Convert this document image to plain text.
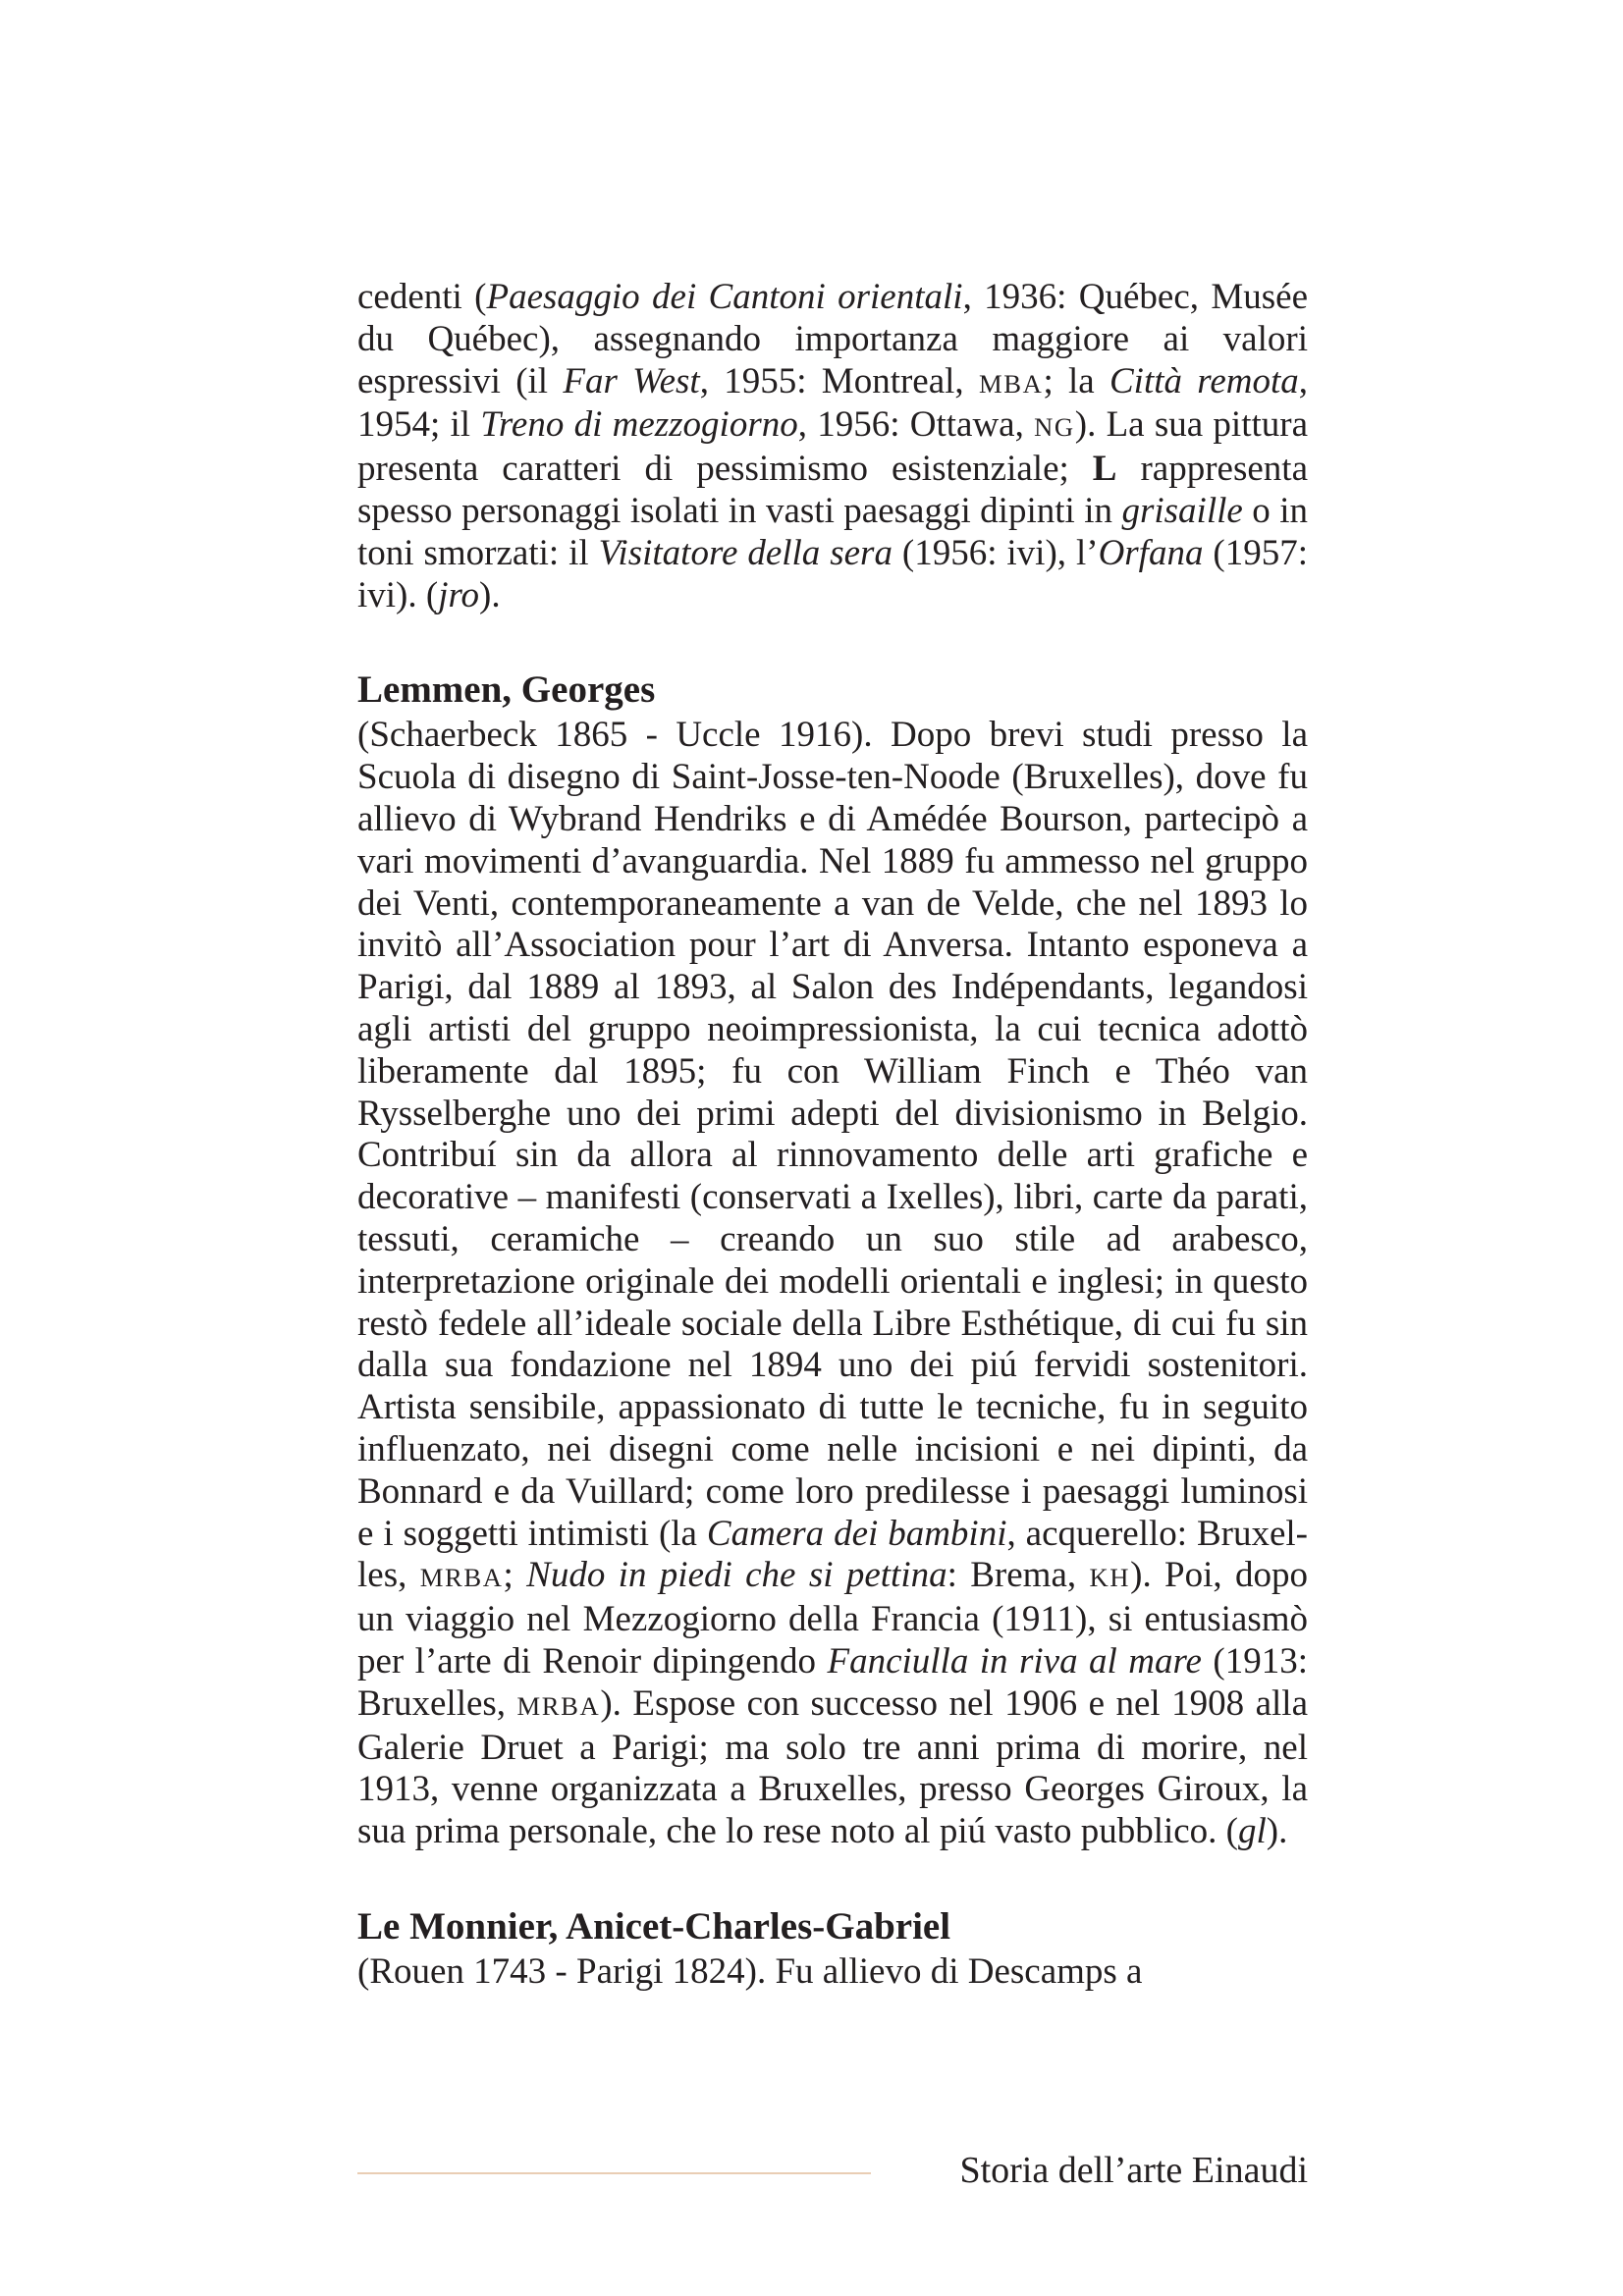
cedenti (Paesaggio dei Cantoni orientali, 1936: Québec, Musée du Québec), assegnando importanza maggiore ai valori espressivi (il Far West, 1955: Montreal, MBA; la Città remota, 1954; il Treno di mezzogiorno, 1956: Ottawa, NG). La sua pittura presenta caratteri di pessimismo esistenziale; L rappresenta spesso personaggi isolati in vasti paesaggi dipinti in grisaille o in toni smorzati: il Visitatore della sera (1956: ivi), l’Orfana (1957: ivi). (jro).

Lemmen, Georges

(Schaerbeck 1865 - Uccle 1916). Dopo brevi studi presso la Scuola di disegno di Saint-Josse-ten-Noode (Bruxelles), dove fu allievo di Wybrand Hendriks e di Amédée Bourson, partecipò a vari movimenti d’avanguardia. Nel 1889 fu ammesso nel gruppo dei Venti, contemporaneamente a van de Velde, che nel 1893 lo invitò all’Association pour l’art di Anversa. Intanto esponeva a Parigi, dal 1889 al 1893, al Salon des Indépendants, legandosi agli artisti del gruppo neoimpressionista, la cui tecnica adottò liberamente dal 1895; fu con William Finch e Théo van Rysselberghe uno dei primi adepti del divisionismo in Belgio. Contribuí sin da allora al rinnovamento delle arti grafiche e decorative – manifesti (conservati a Ixelles), libri, carte da parati, tessuti, ceramiche – creando un suo stile ad arabesco, interpretazione originale dei modelli orientali e inglesi; in questo restò fedele all’ideale sociale della Libre Esthétique, di cui fu sin dalla sua fondazione nel 1894 uno dei piú fervidi sostenitori. Artista sensibile, appassionato di tutte le tecniche, fu in seguito influenzato, nei disegni come nelle incisioni e nei dipinti, da Bonnard e da Vuillard; come loro predilesse i paesaggi luminosi e i soggetti intimisti (la Camera dei bambini, acquerello: Bruxelles, MRBA; Nudo in piedi che si pettina: Brema, KH). Poi, dopo un viaggio nel Mezzogiorno della Francia (1911), si entusiasmò per l’arte di Renoir dipingendo Fanciulla in riva al mare (1913: Bruxelles, MRBA). Espose con successo nel 1906 e nel 1908 alla Galerie Druet a Parigi; ma solo tre anni prima di morire, nel 1913, venne organizzata a Bruxelles, presso Georges Giroux, la sua prima personale, che lo rese noto al piú vasto pubblico. (gl).

Le Monnier, Anicet-Charles-Gabriel

(Rouen 1743 - Parigi 1824). Fu allievo di Descamps a

Storia dell’arte Einaudi
